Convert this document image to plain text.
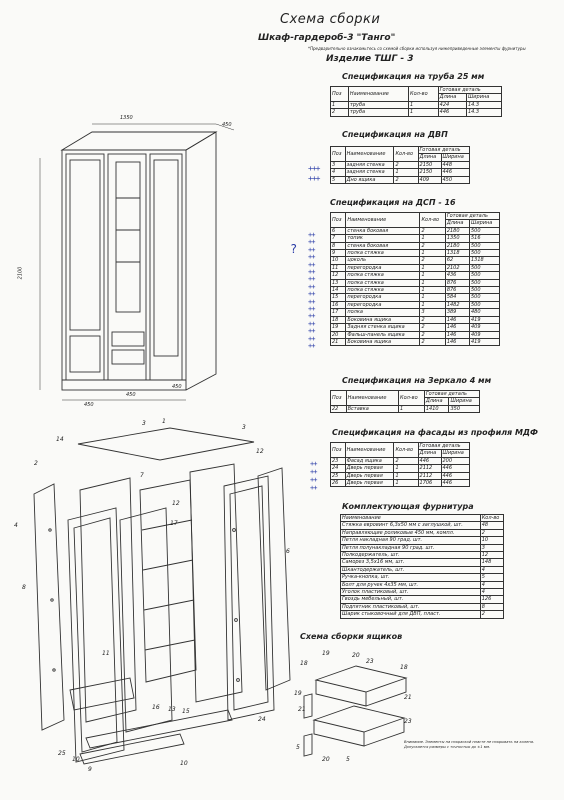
Схема сборки
Шкаф-гардероб-3 "Танго"
*Предварительно ознакомьтесь со схемой сборки используя нижеприведенные элементы фурнитуры
Изделие ТШГ - 3
1350
450
2100
450
450
450
1
3
3
14
12
2
7
12
17
4
6
8
11
16 13 15
24
25
10
9
10
Спецификация на труба 25 мм
Поз	Наименование	Кол-во	Готовая деталь	
			Длина	Ширина
1	труба	1	424	14.3
2	труба	1	446	14.3
Спецификация на ДВП
Поз	Наименование	Кол-во	Готовая деталь	
			Длина	Ширина
3	задняя стенка	2	2150	448
4	задняя стенка	1	2150	446
5	Дно ящика	2	409	450
+++
+++
Спецификация на ДСП - 16
Поз	Наименование	Кол-во	Готовая деталь	
			Длина	Ширина
6	стенка боковая	2	2180	500
7	топик	1	1350	516
8	стенка боковая	2	2180	500
9	полка стяжка	1	1318	500
10	цоколь	2	62	1318
11	перегородка	1	2102	500
12	полка стяжка	1	436	500
13	полка стяжка	1	876	500
14	полка стяжка	1	876	500
15	перегородка	1	584	500
16	перегородка	1	1482	500
17	полка	3	389	480
18	Боковина ящика	2	146	419
19	Задняя стенка ящика	2	146	409
20	Фальш-панель ящика	2	146	409
21	Боковина ящика	2	146	419
?
++
++
++
++
++
++
++
++
++
++
++
++
++
++
++
++
Спецификация на Зеркало 4 мм
Поз	Наименование	Кол-во	Готовая деталь	
			Длина	Ширина
22	Вставка	1	1410	350
Спецификация на фасады из профиля МДФ
Поз	Наименование	Кол-во	Готовая деталь	
			Длина	Ширина
23	Фасад ящика	2	446	200
24	Дверь первая	1	2112	446
25	Дверь первая	1	2112	446
26	Дверь первая	1	1706	446
++
++
++
++
Комплектующая фурнитура
Наименование	Кол-во
Стяжка евровинт 6,3х50 мм с заглушкой, шт.	48
Направляющие роликовые 450 мм, компл.	2
Петля накладная 90 град. шт.	10
Петля полунакладная 90 град. шт.	3
Полкодержатель, шт.	12
Саморез 3,5х16 мм, шт.	148
Шкантодержатель, шт.	4
Ручка-кнопка, шт.	5
Болт для ручек 4х35 мм, шт.	4
Уголок пластиковый, шт.	4
Гвоздь мебельный, шт.	126
Подпятник пластиковый, шт.	8
Шарик стыковочный для ДВП, пласт.	2
Схема сборки ящиков
18
19	20
23
18
19
21
21
23
5
20	5
Внимание. Элементы на покраской пласте не покрывать на колена. Допускается размеры с точностью до ±1 мм.
